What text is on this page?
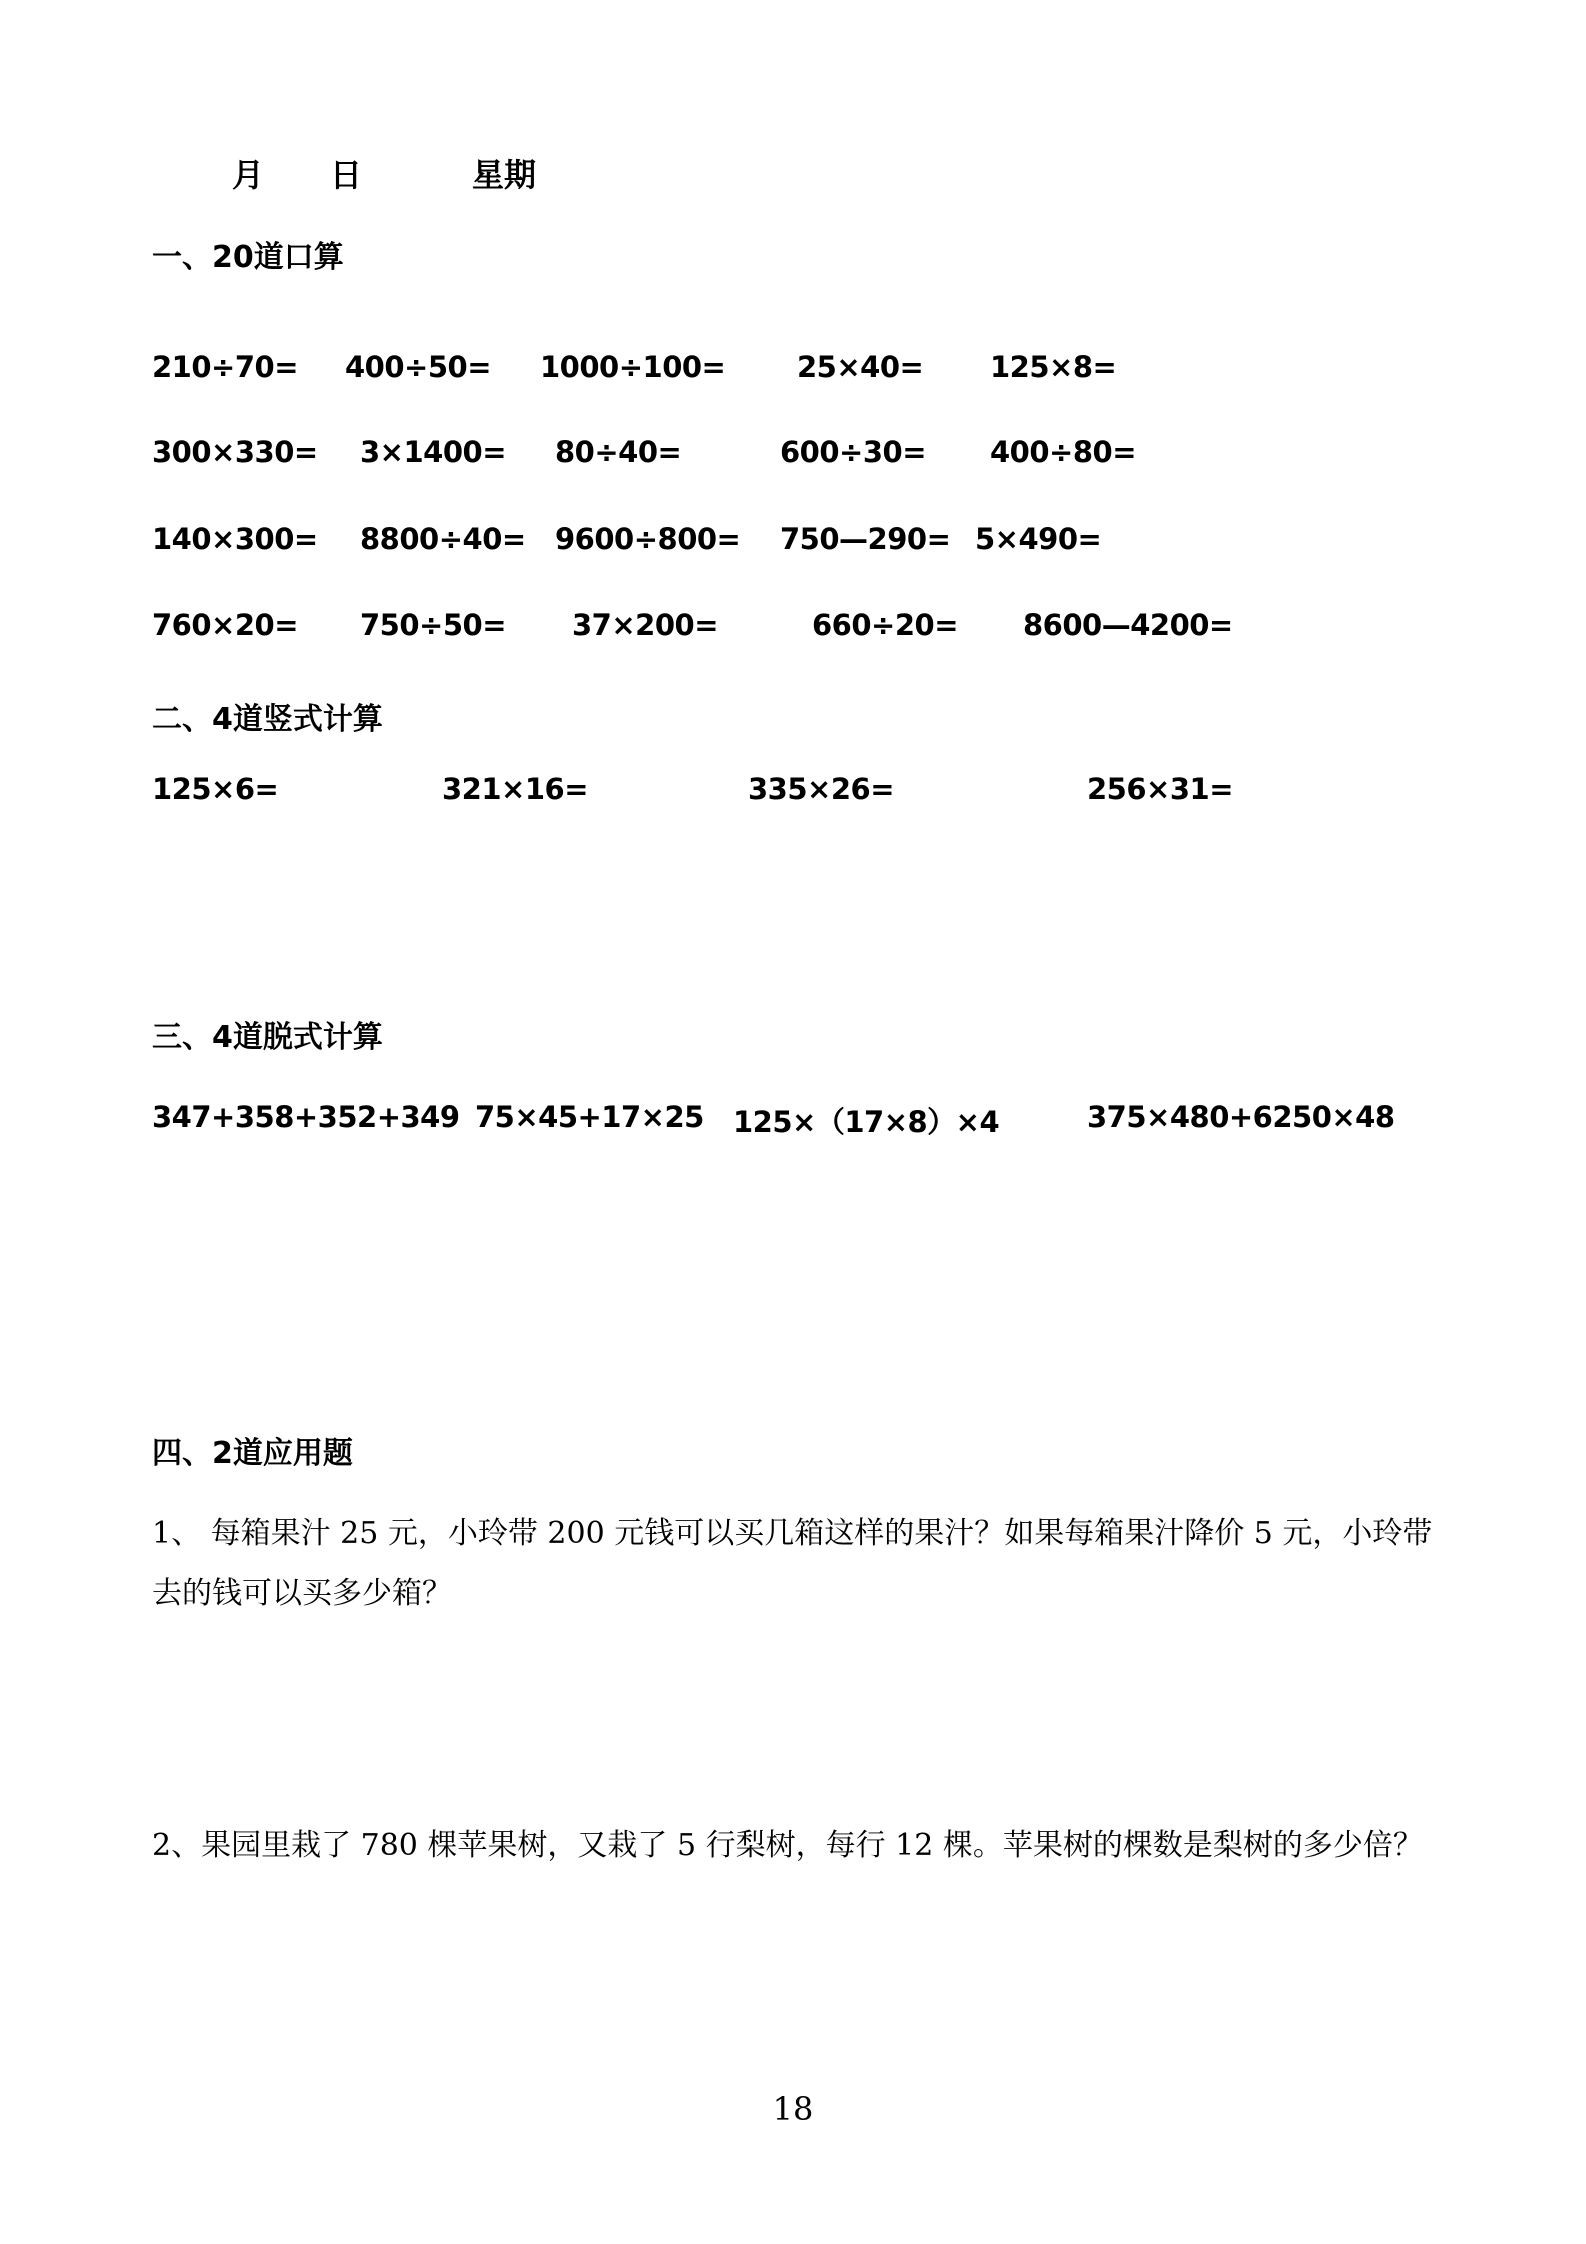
月 日	星期
一、20道口算
210÷70= 400÷50= 1000÷100= 25×40= 125×8=
300×330= 3×1400= 80÷40=	600÷30= 400÷80=
140×300= 8800÷40= 9600÷800= 750—290= 5×490=
760×20= 750÷50= 37×200=	660÷20= 8600—4200=
二、4道竖式计算
125×6=	321×16=	335×26=	256×31=
三、4道脱式计算
347+358+352+349 75×45+17×25 125×（17×8）×4	375×480+6250×48
四、2道应用题
1、 每箱果汁 25 元，小玲带 200 元钱可以买几箱这样的果汁？如果每箱果汁降价 5 元，小玲带去的钱可以买多少箱？
2、果园里栽了 780 棵苹果树，又栽了 5 行梨树，每行 12 棵。苹果树的棵数是梨树的多少倍？
18
